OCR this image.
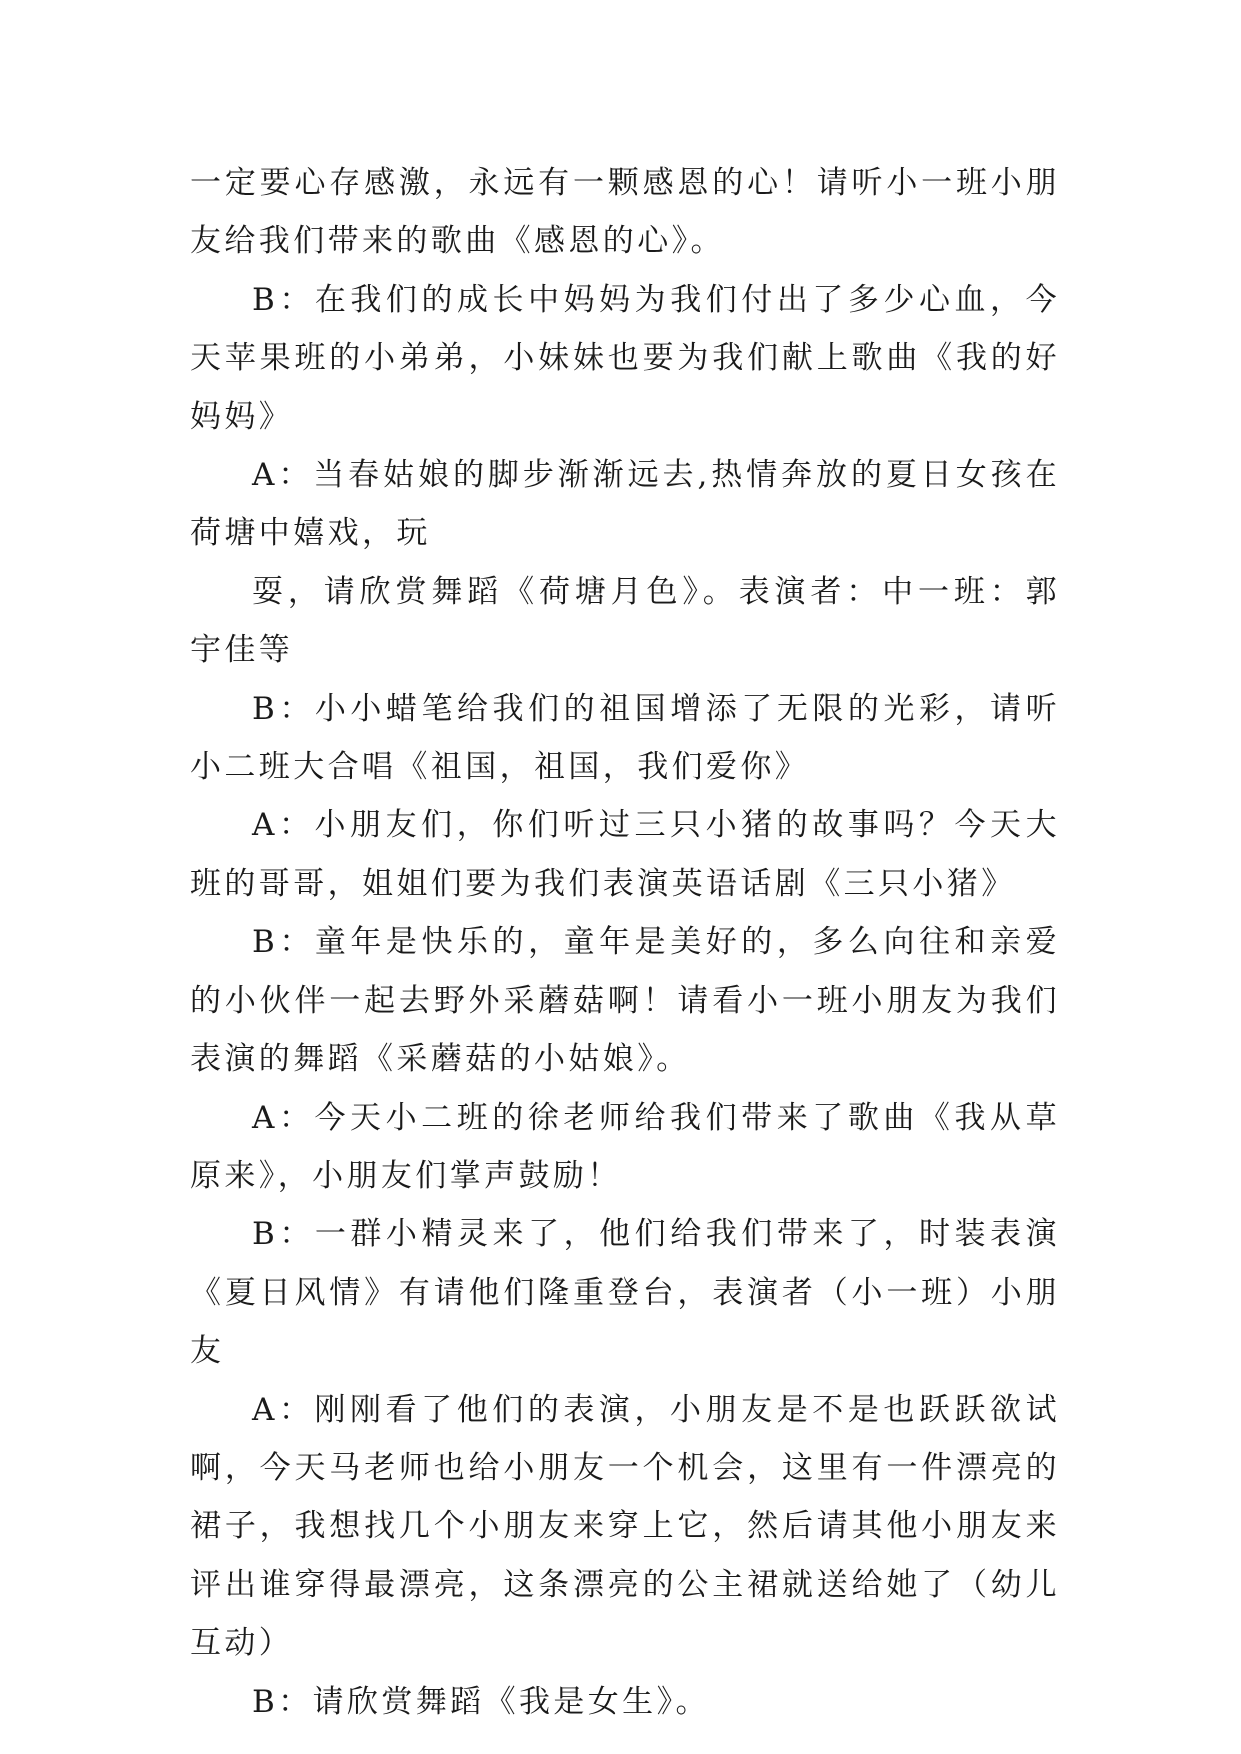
一定要心存感激，永远有一颗感恩的心！请听小一班小朋友给我们带来的歌曲《感恩的心》。

B：在我们的成长中妈妈为我们付出了多少心血，今天苹果班的小弟弟，小妹妹也要为我们献上歌曲《我的好妈妈》

A：当春姑娘的脚步渐渐远去,热情奔放的夏日女孩在荷塘中嬉戏，玩

耍，请欣赏舞蹈《荷塘月色》。表演者：中一班：郭宇佳等

B：小小蜡笔给我们的祖国增添了无限的光彩，请听小二班大合唱《祖国，祖国，我们爱你》

A：小朋友们，你们听过三只小猪的故事吗？今天大班的哥哥，姐姐们要为我们表演英语话剧《三只小猪》

B：童年是快乐的，童年是美好的，多么向往和亲爱的小伙伴一起去野外采蘑菇啊！请看小一班小朋友为我们表演的舞蹈《采蘑菇的小姑娘》。

A：今天小二班的徐老师给我们带来了歌曲《我从草原来》，小朋友们掌声鼓励！

B：一群小精灵来了，他们给我们带来了，时装表演《夏日风情》有请他们隆重登台，表演者（小一班）小朋友

A：刚刚看了他们的表演，小朋友是不是也跃跃欲试啊，今天马老师也给小朋友一个机会，这里有一件漂亮的裙子，我想找几个小朋友来穿上它，然后请其他小朋友来评出谁穿得最漂亮，这条漂亮的公主裙就送给她了（幼儿互动）

B：请欣赏舞蹈《我是女生》。
